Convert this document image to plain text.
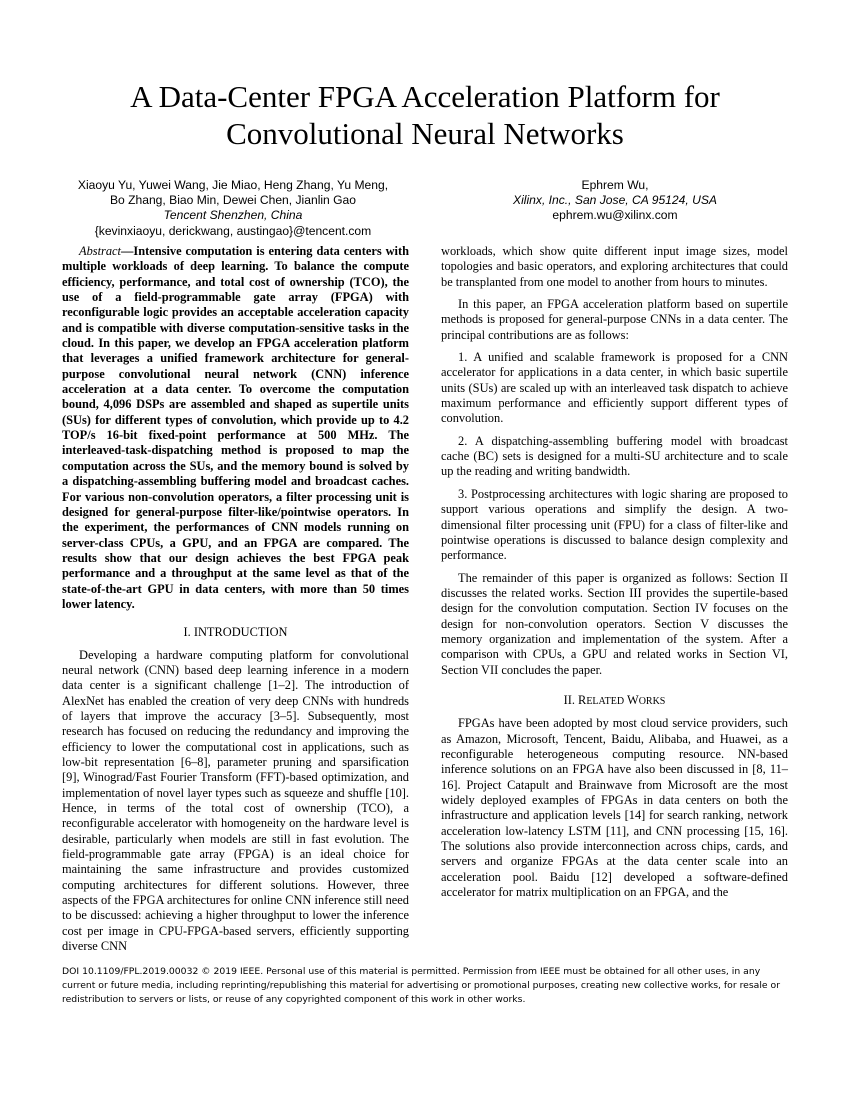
A Data-Center FPGA Acceleration Platform for
Convolutional Neural Networks
Xiaoyu Yu, Yuwei Wang, Jie Miao, Heng Zhang, Yu Meng,
Bo Zhang, Biao Min, Dewei Chen, Jianlin Gao
Tencent Shenzhen, China
{kevinxiaoyu, derickwang, austingao}@tencent.com
Ephrem Wu,
Xilinx, Inc., San Jose, CA 95124, USA
ephrem.wu@xilinx.com

Abstract—Intensive computation is entering data centers with multiple workloads of deep learning. To balance the compute efficiency, performance, and total cost of ownership (TCO), the use of a field-programmable gate array (FPGA) with reconfigurable logic provides an acceptable acceleration capacity and is compatible with diverse computation-sensitive tasks in the cloud. In this paper, we develop an FPGA acceleration platform that leverages a unified framework architecture for general-purpose convolutional neural network (CNN) inference acceleration at a data center. To overcome the computation bound, 4,096 DSPs are assembled and shaped as supertile units (SUs) for different types of convolution, which provide up to 4.2 TOP/s 16-bit fixed-point performance at 500 MHz. The interleaved-task-dispatching method is proposed to map the computation across the SUs, and the memory bound is solved by a dispatching-assembling buffering model and broadcast caches. For various non-convolution operators, a filter processing unit is designed for general-purpose filter-like/pointwise operators. In the experiment, the performances of CNN models running on server-class CPUs, a GPU, and an FPGA are compared. The results show that our design achieves the best FPGA peak performance and a throughput at the same level as that of the state-of-the-art GPU in data centers, with more than 50 times lower latency.

I. INTRODUCTION

Developing a hardware computing platform for convolutional neural network (CNN) based deep learning inference in a modern data center is a significant challenge [1–2]. The introduction of AlexNet has enabled the creation of very deep CNNs with hundreds of layers that improve the accuracy [3–5]. Subsequently, most research has focused on reducing the redundancy and improving the efficiency to lower the computational cost in applications, such as low-bit representation [6–8], parameter pruning and sparsification [9], Winograd/Fast Fourier Transform (FFT)-based optimization, and implementation of novel layer types such as squeeze and shuffle [10]. Hence, in terms of the total cost of ownership (TCO), a reconfigurable accelerator with homogeneity on the hardware level is desirable, particularly when models are still in fast evolution. The field-programmable gate array (FPGA) is an ideal choice for maintaining the same infrastructure and provides customized computing architectures for different solutions. However, three aspects of the FPGA architectures for online CNN inference still need to be discussed: achieving a higher throughput to lower the inference cost per image in CPU-FPGA-based servers, efficiently supporting diverse CNN

workloads, which show quite different input image sizes, model topologies and basic operators, and exploring architectures that could be transplanted from one model to another from hours to minutes.

In this paper, an FPGA acceleration platform based on supertile methods is proposed for general-purpose CNNs in a data center. The principal contributions are as follows:

1. A unified and scalable framework is proposed for a CNN accelerator for applications in a data center, in which basic supertile units (SUs) are scaled up with an interleaved task dispatch to achieve maximum performance and efficiently support different types of convolution.

2. A dispatching-assembling buffering model with broadcast cache (BC) sets is designed for a multi-SU architecture and to scale up the reading and writing bandwidth.

3. Postprocessing architectures with logic sharing are proposed to support various operations and simplify the design. A two-dimensional filter processing unit (FPU) for a class of filter-like and pointwise operations is discussed to balance design complexity and performance.

The remainder of this paper is organized as follows: Section II discusses the related works. Section III provides the supertile-based design for the convolution computation. Section IV focuses on the design for non-convolution operators. Section V discusses the memory organization and implementation of the system. After a comparison with CPUs, a GPU and related works in Section VI, Section VII concludes the paper.

II. RELATED WORKS

FPGAs have been adopted by most cloud service providers, such as Amazon, Microsoft, Tencent, Baidu, Alibaba, and Huawei, as a reconfigurable heterogeneous computing resource. NN-based inference solutions on an FPGA have also been discussed in [8, 11–16]. Project Catapult and Brainwave from Microsoft are the most widely deployed examples of FPGAs in data centers on both the infrastructure and application levels [14] for search ranking, network acceleration low-latency LSTM [11], and CNN processing [15, 16]. The solutions also provide interconnection across chips, cards, and servers and organize FPGAs at the data center scale into an acceleration pool. Baidu [12] developed a software-defined accelerator for matrix multiplication on an FPGA, and the

DOI 10.1109/FPL.2019.00032 © 2019 IEEE. Personal use of this material is permitted. Permission from IEEE must be obtained for all other uses, in any current or future media, including reprinting/republishing this material for advertising or promotional purposes, creating new collective works, for resale or redistribution to servers or lists, or reuse of any copyrighted component of this work in other works.
